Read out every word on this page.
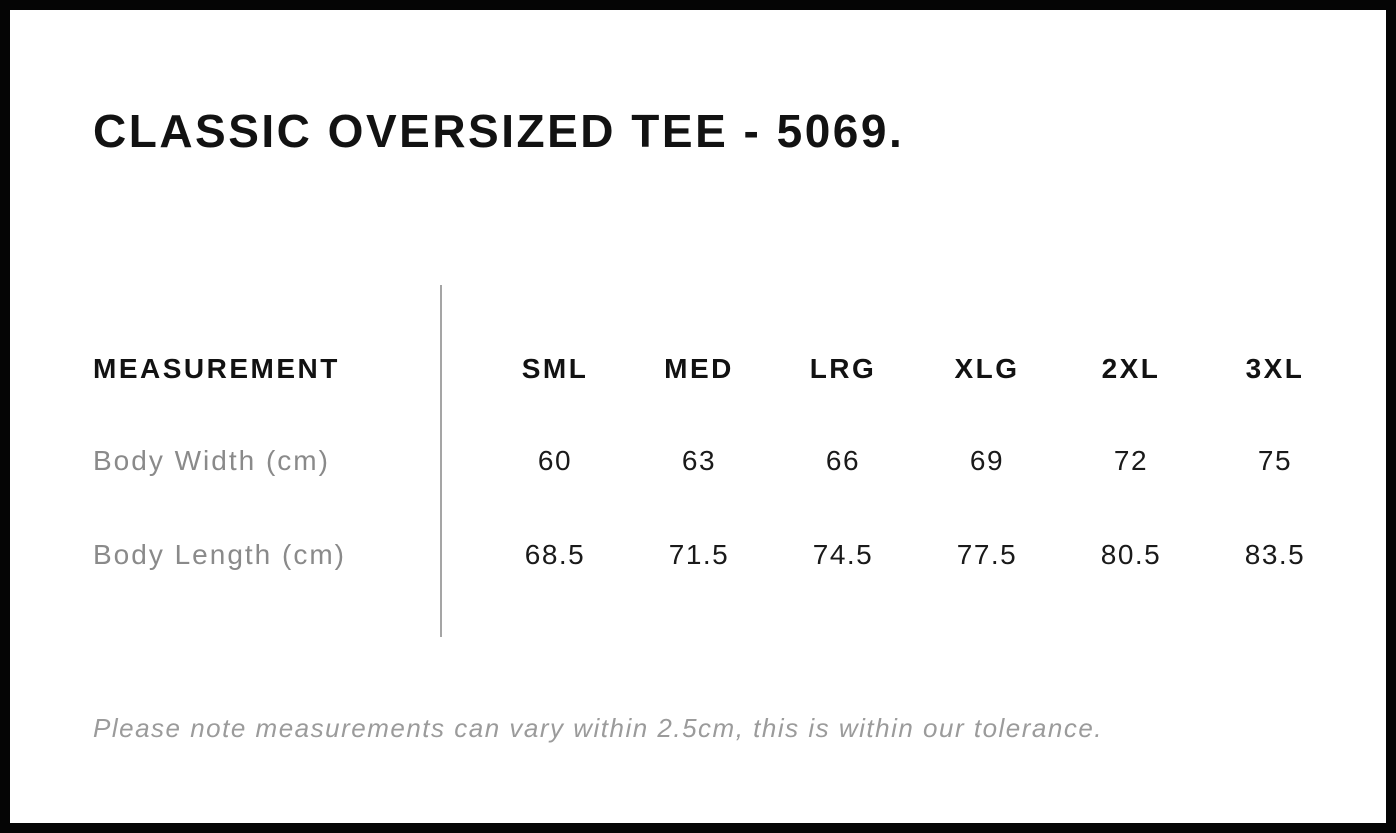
CLASSIC OVERSIZED TEE - 5069.
MEASUREMENT	SML	MED	LRG	XLG	2XL	3XL
Body Width (cm)	60	63	66	69	72	75
Body Length (cm)	68.5	71.5	74.5	77.5	80.5	83.5

Please note measurements can vary within 2.5cm, this is within our tolerance.
